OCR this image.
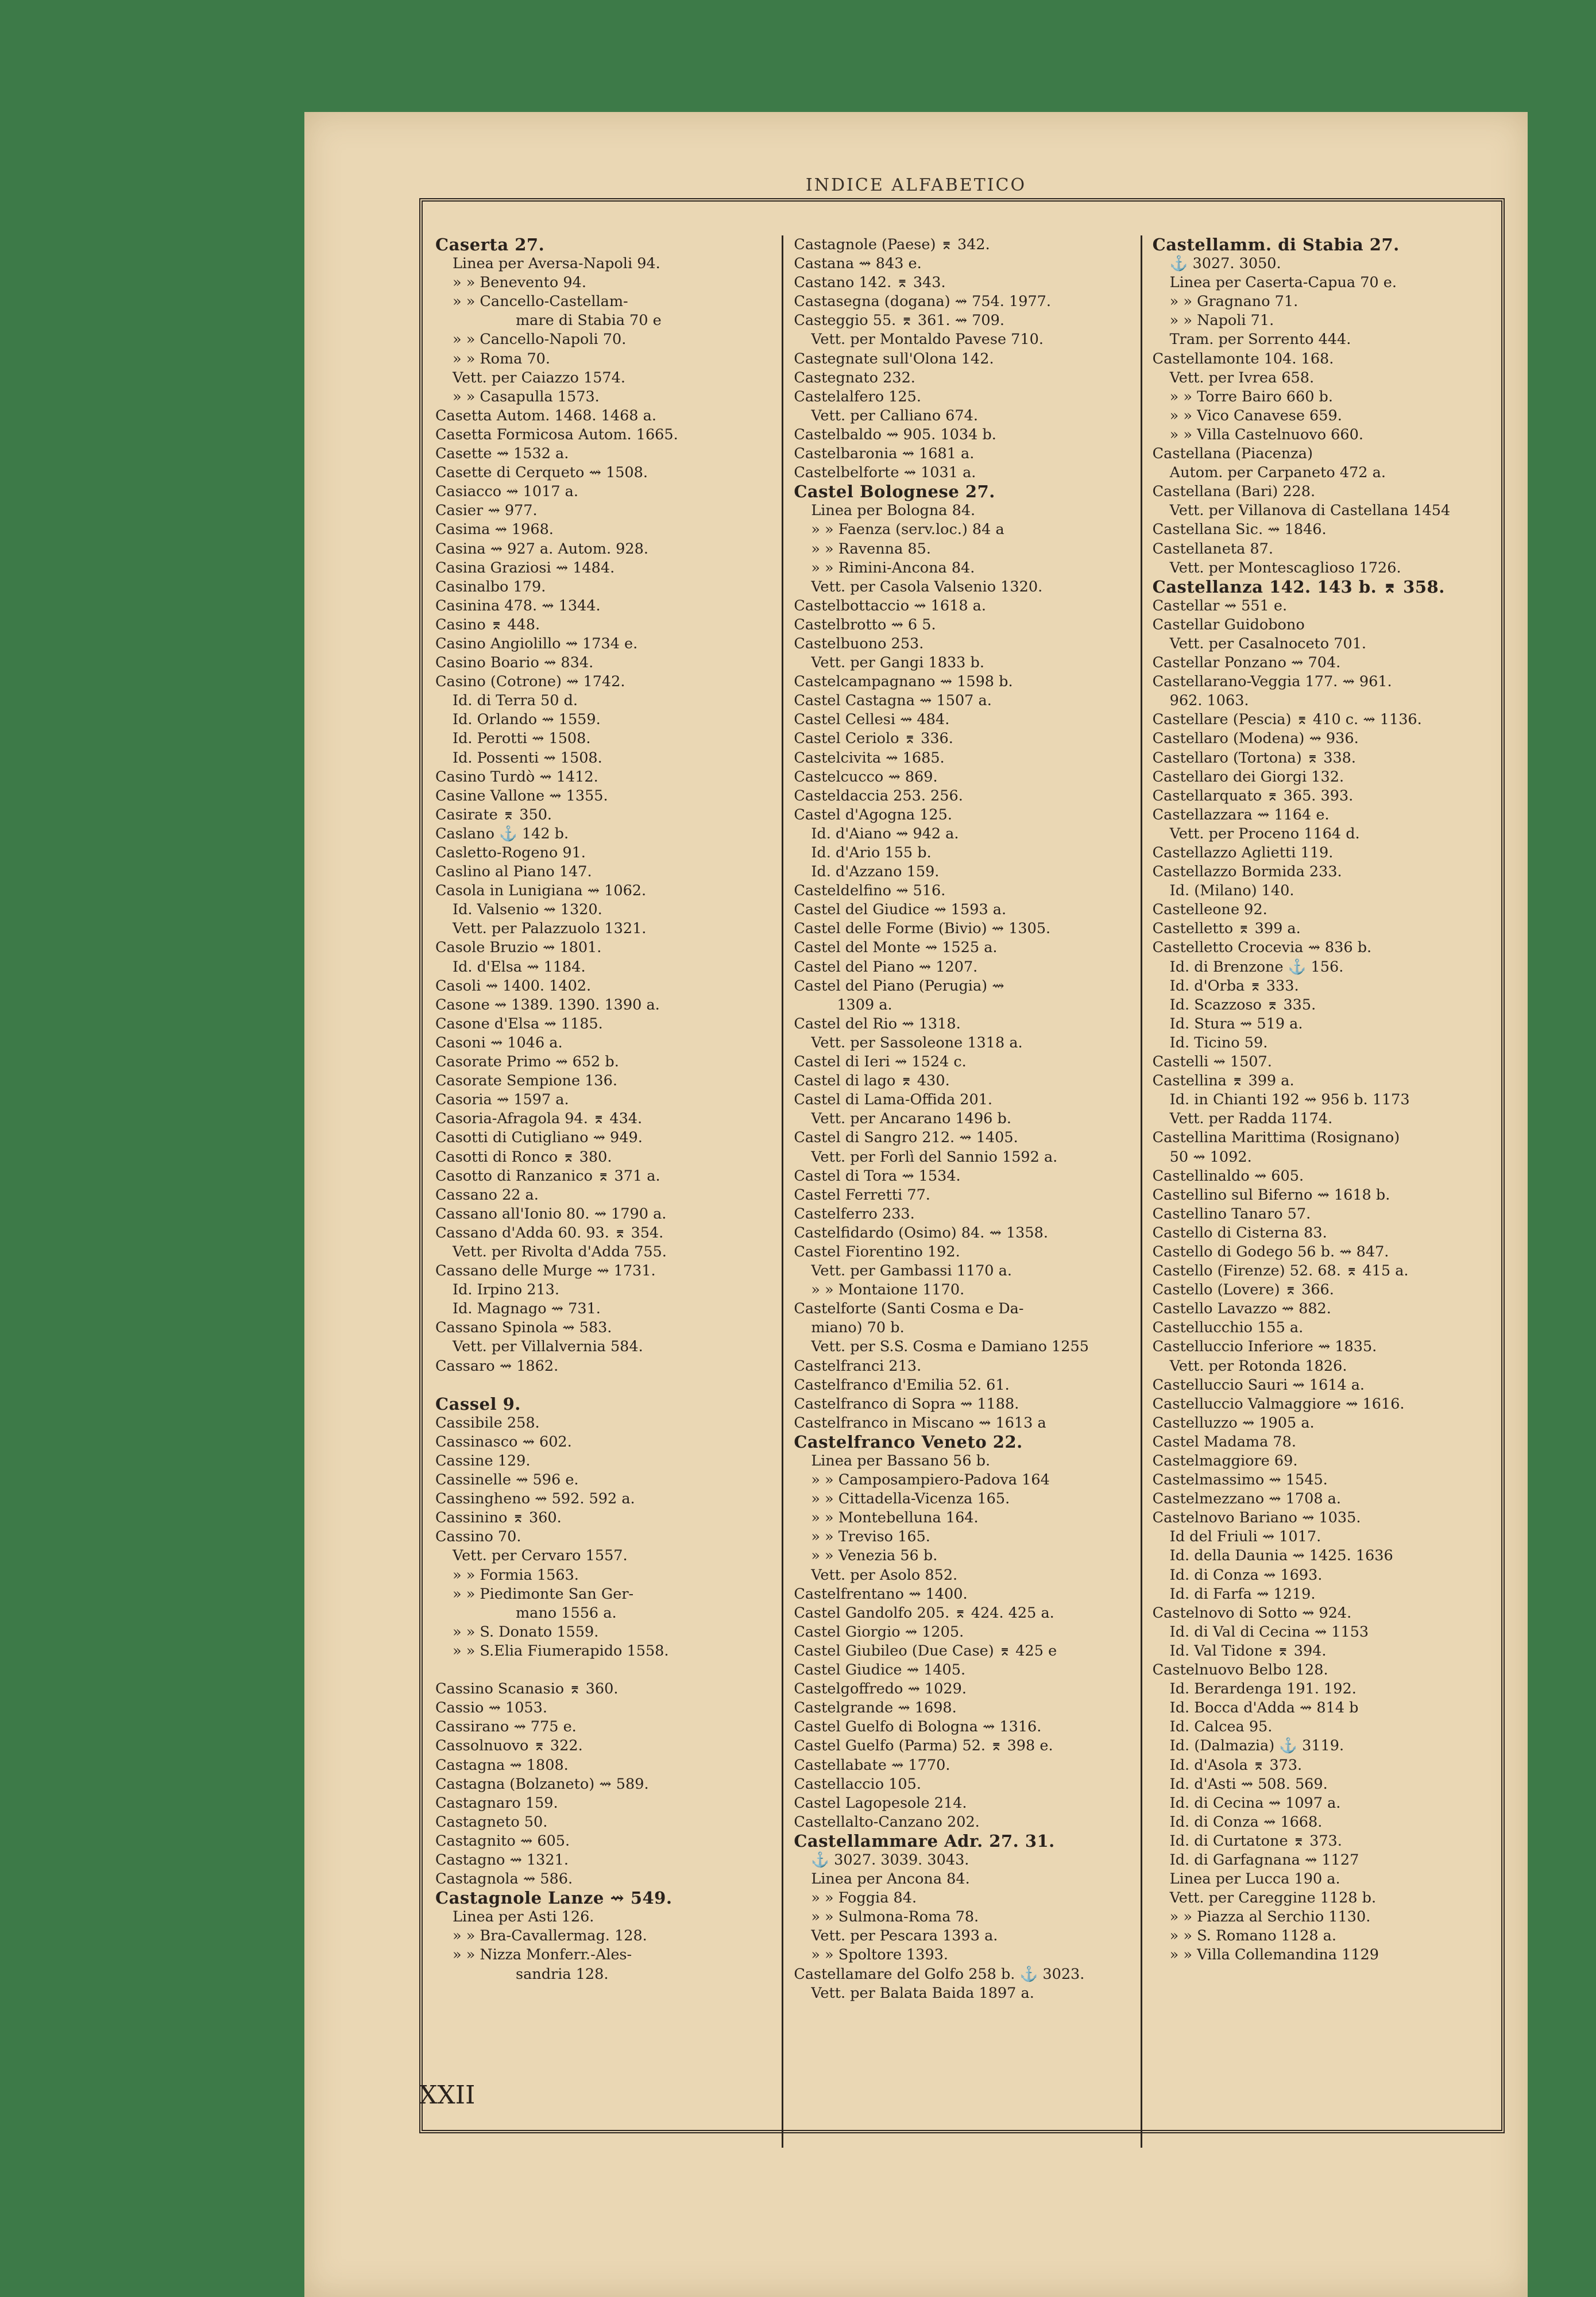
INDICE ALFABETICO
Caserta 27.
Linea per Aversa-Napoli 94.
» » Benevento 94.
» » Cancello-Castellam-
mare di Stabia 70 e
» » Cancello-Napoli 70.
» » Roma 70.
Vett. per Caiazzo 1574.
» » Casapulla 1573.
Casetta Autom. 1468. 1468 a.
Casetta Formicosa Autom. 1665.
Casette ⇝ 1532 a.
Casette di Cerqueto ⇝ 1508.
Casiacco ⇝ 1017 a.
Casier ⇝ 977.
Casima ⇝ 1968.
Casina ⇝ 927 a. Autom. 928.
Casina Graziosi ⇝ 1484.
Casinalbo 179.
Casinina 478. ⇝ 1344.
Casino ⌆ 448.
Casino Angiolillo ⇝ 1734 e.
Casino Boario ⇝ 834.
Casino (Cotrone) ⇝ 1742.
Id. di Terra 50 d.
Id. Orlando ⇝ 1559.
Id. Perotti ⇝ 1508.
Id. Possenti ⇝ 1508.
Casino Turdò ⇝ 1412.
Casine Vallone ⇝ 1355.
Casirate ⌆ 350.
Caslano ⚓ 142 b.
Casletto-Rogeno 91.
Caslino al Piano 147.
Casola in Lunigiana ⇝ 1062.
Id. Valsenio ⇝ 1320.
Vett. per Palazzuolo 1321.
Casole Bruzio ⇝ 1801.
Id. d'Elsa ⇝ 1184.
Casoli ⇝ 1400. 1402.
Casone ⇝ 1389. 1390. 1390 a.
Casone d'Elsa ⇝ 1185.
Casoni ⇝ 1046 a.
Casorate Primo ⇝ 652 b.
Casorate Sempione 136.
Casoria ⇝ 1597 a.
Casoria-Afragola 94. ⌆ 434.
Casotti di Cutigliano ⇝ 949.
Casotti di Ronco ⌆ 380.
Casotto di Ranzanico ⌆ 371 a.
Cassano 22 a.
Cassano all'Ionio 80. ⇝ 1790 a.
Cassano d'Adda 60. 93. ⌆ 354.
Vett. per Rivolta d'Adda 755.
Cassano delle Murge ⇝ 1731.
Id. Irpino 213.
Id. Magnago ⇝ 731.
Cassano Spinola ⇝ 583.
Vett. per Villalvernia 584.
Cassaro ⇝ 1862.

Cassel 9.
Cassibile 258.
Cassinasco ⇝ 602.
Cassine 129.
Cassinelle ⇝ 596 e.
Cassingheno ⇝ 592. 592 a.
Cassinino ⌆ 360.
Cassino 70.
Vett. per Cervaro 1557.
» » Formia 1563.
» » Piedimonte San Ger-
mano 1556 a.
» » S. Donato 1559.
» » S.Elia Fiumerapido 1558.

Cassino Scanasio ⌆ 360.
Cassio ⇝ 1053.
Cassirano ⇝ 775 e.
Cassolnuovo ⌆ 322.
Castagna ⇝ 1808.
Castagna (Bolzaneto) ⇝ 589.
Castagnaro 159.
Castagneto 50.
Castagnito ⇝ 605.
Castagno ⇝ 1321.
Castagnola ⇝ 586.
Castagnole Lanze ⇝ 549.
Linea per Asti 126.
» » Bra-Cavallermag. 128.
» » Nizza Monferr.-Ales-
sandria 128.
Castagnole (Paese) ⌆ 342.
Castana ⇝ 843 e.
Castano 142. ⌆ 343.
Castasegna (dogana) ⇝ 754. 1977.
Casteggio 55. ⌆ 361. ⇝ 709.
Vett. per Montaldo Pavese 710.
Castegnate sull'Olona 142.
Castegnato 232.
Castelalfero 125.
Vett. per Calliano 674.
Castelbaldo ⇝ 905. 1034 b.
Castelbaronia ⇝ 1681 a.
Castelbelforte ⇝ 1031 a.
Castel Bolognese 27.
Linea per Bologna 84.
» » Faenza (serv.loc.) 84 a
» » Ravenna 85.
» » Rimini-Ancona 84.
Vett. per Casola Valsenio 1320.
Castelbottaccio ⇝ 1618 a.
Castelbrotto ⇝ 6 5.
Castelbuono 253.
Vett. per Gangi 1833 b.
Castelcampagnano ⇝ 1598 b.
Castel Castagna ⇝ 1507 a.
Castel Cellesi ⇝ 484.
Castel Ceriolo ⌆ 336.
Castelcivita ⇝ 1685.
Castelcucco ⇝ 869.
Casteldaccia 253. 256.
Castel d'Agogna 125.
Id. d'Aiano ⇝ 942 a.
Id. d'Ario 155 b.
Id. d'Azzano 159.
Casteldelfino ⇝ 516.
Castel del Giudice ⇝ 1593 a.
Castel delle Forme (Bivio) ⇝ 1305.
Castel del Monte ⇝ 1525 a.
Castel del Piano ⇝ 1207.
Castel del Piano (Perugia) ⇝
1309 a.
Castel del Rio ⇝ 1318.
Vett. per Sassoleone 1318 a.
Castel di Ieri ⇝ 1524 c.
Castel di lago ⌆ 430.
Castel di Lama-Offida 201.
Vett. per Ancarano 1496 b.
Castel di Sangro 212. ⇝ 1405.
Vett. per Forlì del Sannio 1592 a.
Castel di Tora ⇝ 1534.
Castel Ferretti 77.
Castelferro 233.
Castelfidardo (Osimo) 84. ⇝ 1358.
Castel Fiorentino 192.
Vett. per Gambassi 1170 a.
» » Montaione 1170.
Castelforte (Santi Cosma e Da-
miano) 70 b.
Vett. per S.S. Cosma e Damiano 1255
Castelfranci 213.
Castelfranco d'Emilia 52. 61.
Castelfranco di Sopra ⇝ 1188.
Castelfranco in Miscano ⇝ 1613 a
Castelfranco Veneto 22.
Linea per Bassano 56 b.
» » Camposampiero-Padova 164
» » Cittadella-Vicenza 165.
» » Montebelluna 164.
» » Treviso 165.
» » Venezia 56 b.
Vett. per Asolo 852.
Castelfrentano ⇝ 1400.
Castel Gandolfo 205. ⌆ 424. 425 a.
Castel Giorgio ⇝ 1205.
Castel Giubileo (Due Case) ⌆ 425 e
Castel Giudice ⇝ 1405.
Castelgoffredo ⇝ 1029.
Castelgrande ⇝ 1698.
Castel Guelfo di Bologna ⇝ 1316.
Castel Guelfo (Parma) 52. ⌆ 398 e.
Castellabate ⇝ 1770.
Castellaccio 105.
Castel Lagopesole 214.
Castellalto-Canzano 202.
Castellammare Adr. 27. 31.
⚓ 3027. 3039. 3043.
Linea per Ancona 84.
» » Foggia 84.
» » Sulmona-Roma 78.
Vett. per Pescara 1393 a.
» » Spoltore 1393.
Castellamare del Golfo 258 b. ⚓ 3023.
Vett. per Balata Baida 1897 a.
Castellamm. di Stabia 27.
⚓ 3027. 3050.
Linea per Caserta-Capua 70 e.
» » Gragnano 71.
» » Napoli 71.
Tram. per Sorrento 444.
Castellamonte 104. 168.
Vett. per Ivrea 658.
» » Torre Bairo 660 b.
» » Vico Canavese 659.
» » Villa Castelnuovo 660.
Castellana (Piacenza)
Autom. per Carpaneto 472 a.
Castellana (Bari) 228.
Vett. per Villanova di Castellana 1454
Castellana Sic. ⇝ 1846.
Castellaneta 87.
Vett. per Montescaglioso 1726.
Castellanza 142. 143 b. ⌆ 358.
Castellar ⇝ 551 e.
Castellar Guidobono
Vett. per Casalnoceto 701.
Castellar Ponzano ⇝ 704.
Castellarano-Veggia 177. ⇝ 961.
962. 1063.
Castellare (Pescia) ⌆ 410 c. ⇝ 1136.
Castellaro (Modena) ⇝ 936.
Castellaro (Tortona) ⌆ 338.
Castellaro dei Giorgi 132.
Castellarquato ⌆ 365. 393.
Castellazzara ⇝ 1164 e.
Vett. per Proceno 1164 d.
Castellazzo Aglietti 119.
Castellazzo Bormida 233.
Id. (Milano) 140.
Castelleone 92.
Castelletto ⌆ 399 a.
Castelletto Crocevia ⇝ 836 b.
Id. di Brenzone ⚓ 156.
Id. d'Orba ⌆ 333.
Id. Scazzoso ⌆ 335.
Id. Stura ⇝ 519 a.
Id. Ticino 59.
Castelli ⇝ 1507.
Castellina ⌆ 399 a.
Id. in Chianti 192 ⇝ 956 b. 1173
Vett. per Radda 1174.
Castellina Marittima (Rosignano)
50 ⇝ 1092.
Castellinaldo ⇝ 605.
Castellino sul Biferno ⇝ 1618 b.
Castellino Tanaro 57.
Castello di Cisterna 83.
Castello di Godego 56 b. ⇝ 847.
Castello (Firenze) 52. 68. ⌆ 415 a.
Castello (Lovere) ⌆ 366.
Castello Lavazzo ⇝ 882.
Castellucchio 155 a.
Castelluccio Inferiore ⇝ 1835.
Vett. per Rotonda 1826.
Castelluccio Sauri ⇝ 1614 a.
Castelluccio Valmaggiore ⇝ 1616.
Castelluzzo ⇝ 1905 a.
Castel Madama 78.
Castelmaggiore 69.
Castelmassimo ⇝ 1545.
Castelmezzano ⇝ 1708 a.
Castelnovo Bariano ⇝ 1035.
Id del Friuli ⇝ 1017.
Id. della Daunia ⇝ 1425. 1636
Id. di Conza ⇝ 1693.
Id. di Farfa ⇝ 1219.
Castelnovo di Sotto ⇝ 924.
Id. di Val di Cecina ⇝ 1153
Id. Val Tidone ⌆ 394.
Castelnuovo Belbo 128.
Id. Berardenga 191. 192.
Id. Bocca d'Adda ⇝ 814 b
Id. Calcea 95.
Id. (Dalmazia) ⚓ 3119.
Id. d'Asola ⌆ 373.
Id. d'Asti ⇝ 508. 569.
Id. di Cecina ⇝ 1097 a.
Id. di Conza ⇝ 1668.
Id. di Curtatone ⌆ 373.
Id. di Garfagnana ⇝ 1127
Linea per Lucca 190 a.
Vett. per Careggine 1128 b.
» » Piazza al Serchio 1130.
» » S. Romano 1128 a.
» » Villa Collemandina 1129
XXII
